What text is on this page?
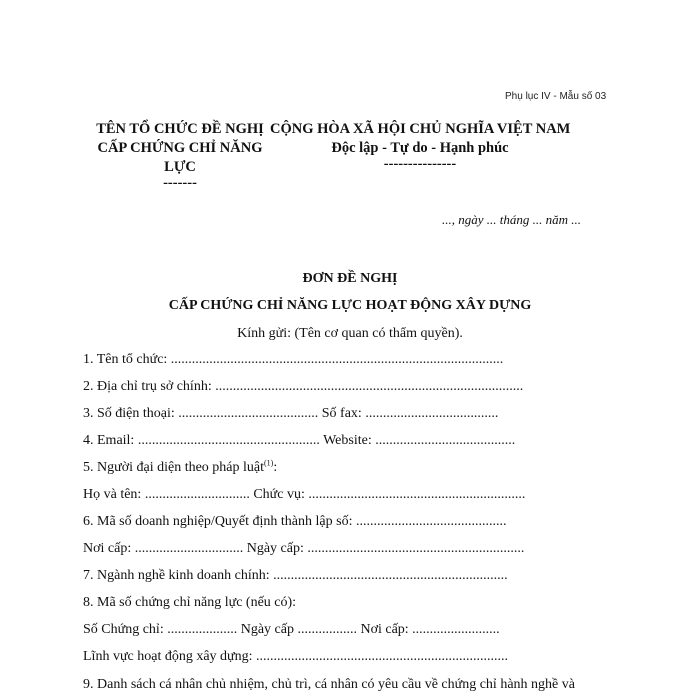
Phụ lục IV - Mẫu số 03
TÊN TỔ CHỨC ĐỀ NGHỊ CẤP CHỨNG CHỈ NĂNG LỰC
-------
CỘNG HÒA XÃ HỘI CHỦ NGHĨA VIỆT NAM
Độc lập - Tự do - Hạnh phúc
---------------
..., ngày ... tháng ... năm ...
ĐƠN ĐỀ NGHỊ
CẤP CHỨNG CHỈ NĂNG LỰC HOẠT ĐỘNG XÂY DỰNG
Kính gửi: (Tên cơ quan có thẩm quyền).
1. Tên tổ chức: ...............................................................................................
2. Địa chỉ trụ sở chính: ........................................................................................
3. Số điện thoại: ........................................ Số fax: ......................................
4. Email: .................................................... Website: ........................................
5. Người đại diện theo pháp luật$^{(1)}$:
Họ và tên: .............................. Chức vụ: ..............................................................
6. Mã số doanh nghiệp/Quyết định thành lập số: ...........................................
Nơi cấp: ............................... Ngày cấp: ..............................................................
7. Ngành nghề kinh doanh chính: ...................................................................
8. Mã số chứng chỉ năng lực (nếu có):
Số Chứng chỉ: .................... Ngày cấp ................. Nơi cấp: .........................
Lĩnh vực hoạt động xây dựng: ........................................................................
9. Danh sách cá nhân chủ nhiệm, chủ trì, cá nhân có yêu cầu về chứng chỉ hành nghề và
